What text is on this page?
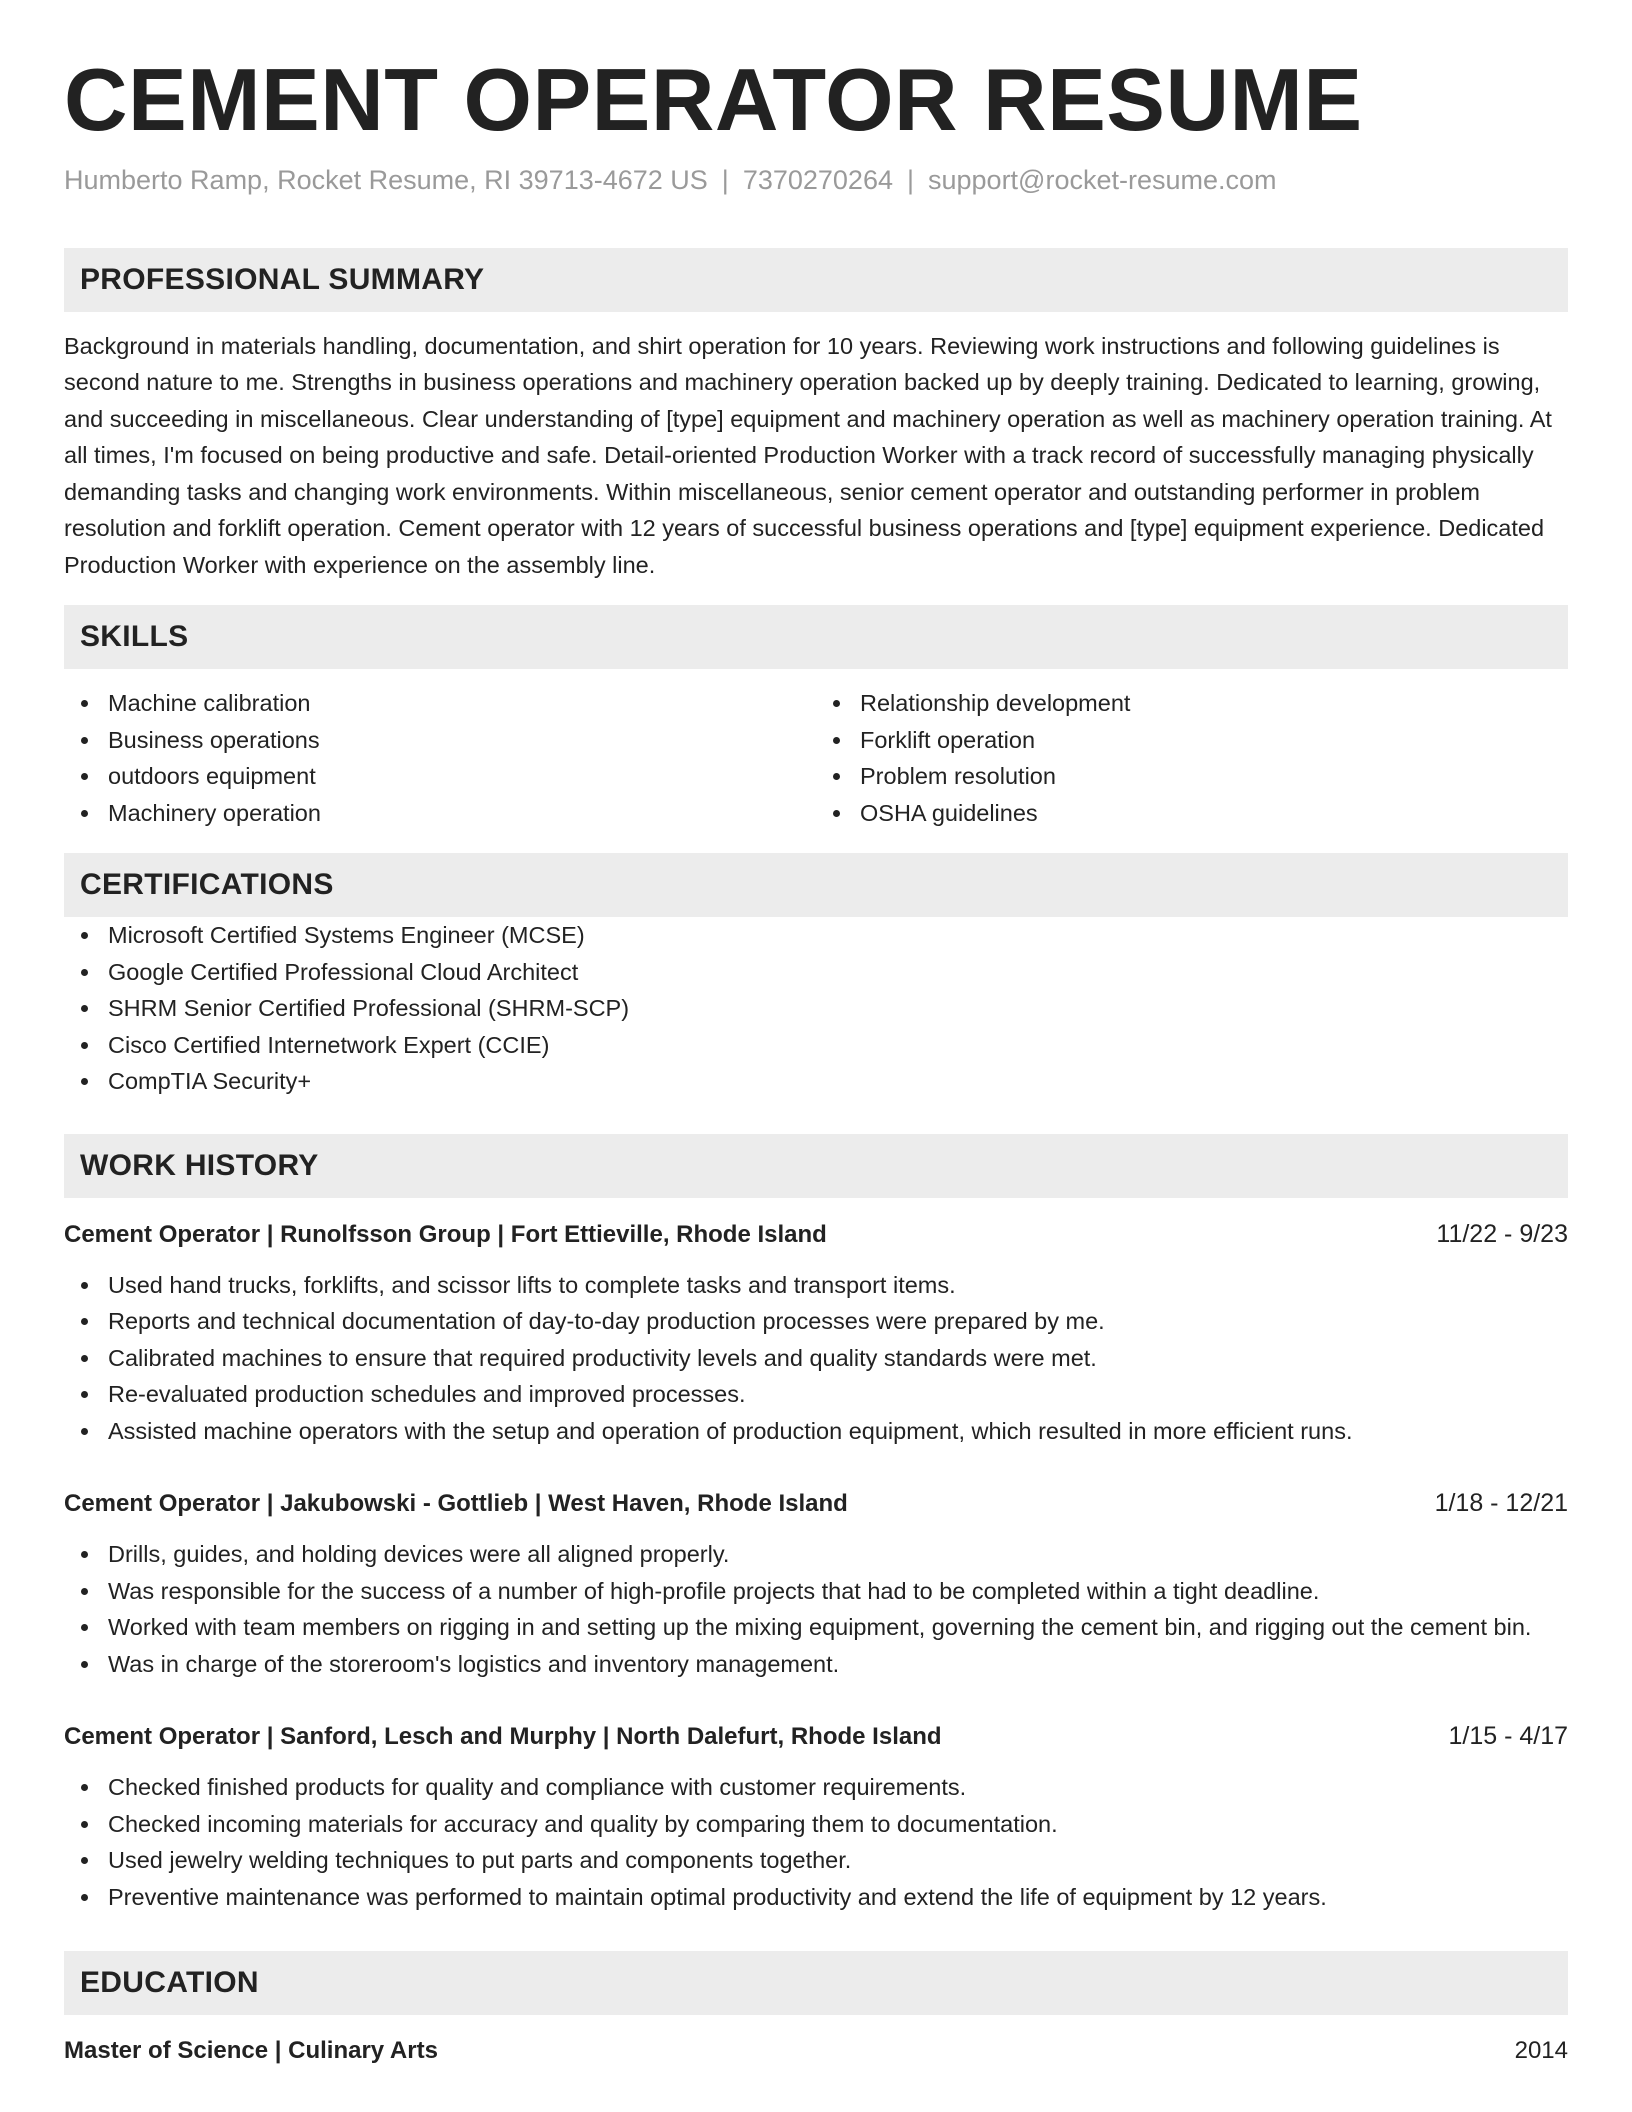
CEMENT OPERATOR RESUME
Humberto Ramp, Rocket Resume, RI 39713-4672 US | 7370270264 | support@rocket-resume.com
PROFESSIONAL SUMMARY

Background in materials handling, documentation, and shirt operation for 10 years. Reviewing work instructions and following guidelines is second nature to me. Strengths in business operations and machinery operation backed up by deeply training. Dedicated to learning, growing, and succeeding in miscellaneous. Clear understanding of [type] equipment and machinery operation as well as machinery operation training. At all times, I'm focused on being productive and safe. Detail-oriented Production Worker with a track record of successfully managing physically demanding tasks and changing work environments. Within miscellaneous, senior cement operator and outstanding performer in problem resolution and forklift operation. Cement operator with 12 years of successful business operations and [type] equipment experience. Dedicated Production Worker with experience on the assembly line.

SKILLS
Machine calibration
Business operations
outdoors equipment
Machinery operation
Relationship development
Forklift operation
Problem resolution
OSHA guidelines
CERTIFICATIONS
Microsoft Certified Systems Engineer (MCSE)
Google Certified Professional Cloud Architect
SHRM Senior Certified Professional (SHRM-SCP)
Cisco Certified Internetwork Expert (CCIE)
CompTIA Security+
WORK HISTORY
Cement Operator | Runolfsson Group | Fort Ettieville, Rhode Island	11/22 - 9/23
Used hand trucks, forklifts, and scissor lifts to complete tasks and transport items.
Reports and technical documentation of day-to-day production processes were prepared by me.
Calibrated machines to ensure that required productivity levels and quality standards were met.
Re-evaluated production schedules and improved processes.
Assisted machine operators with the setup and operation of production equipment, which resulted in more efficient runs.
Cement Operator | Jakubowski - Gottlieb | West Haven, Rhode Island	1/18 - 12/21
Drills, guides, and holding devices were all aligned properly.
Was responsible for the success of a number of high-profile projects that had to be completed within a tight deadline.
Worked with team members on rigging in and setting up the mixing equipment, governing the cement bin, and rigging out the cement bin.
Was in charge of the storeroom's logistics and inventory management.
Cement Operator | Sanford, Lesch and Murphy | North Dalefurt, Rhode Island	1/15 - 4/17
Checked finished products for quality and compliance with customer requirements.
Checked incoming materials for accuracy and quality by comparing them to documentation.
Used jewelry welding techniques to put parts and components together.
Preventive maintenance was performed to maintain optimal productivity and extend the life of equipment by 12 years.
EDUCATION
Master of Science | Culinary Arts	2014
